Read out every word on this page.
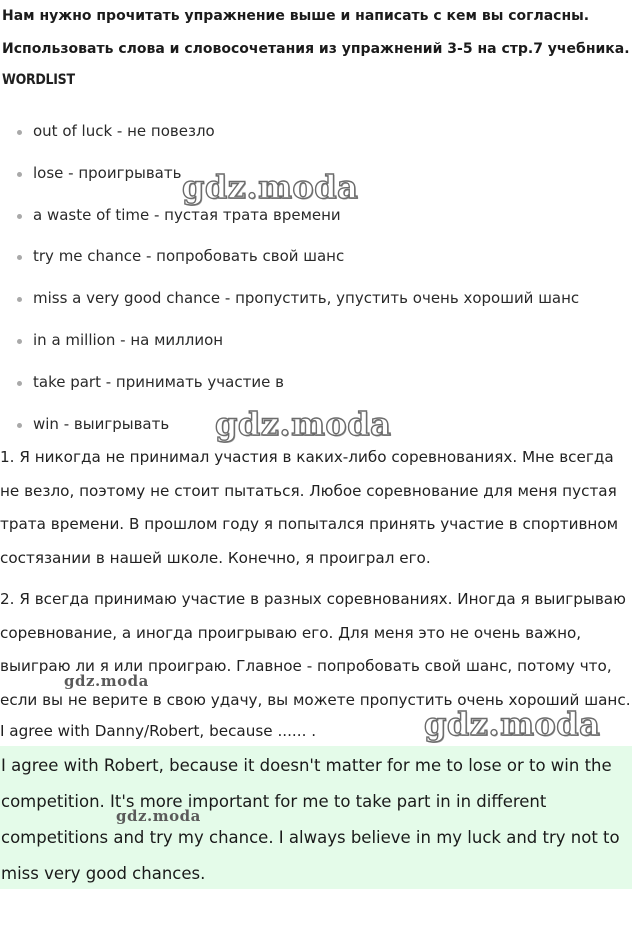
Нам нужно прочитать упражнение выше и написать с кем вы согласны.
Использовать слова и словосочетания из упражнений 3-5 на стр.7 учебника.
WORDLIST
out of luck - не повезло
lose - проигрывать
a waste of time - пустая трата времени
try me chance - попробовать свой шанс
miss a very good chance - пропустить, упустить очень хороший шанс
in a million - на миллион
take part - принимать участие в
win - выигрывать
1. Я никогда не принимал участия в каких-либо соревнованиях. Мне всегда не везло, поэтому не стоит пытаться. Любое соревнование для меня пустая трата времени. В прошлом году я попытался принять участие в спортивном состязании в нашей школе. Конечно, я проиграл его.
2. Я всегда принимаю участие в разных соревнованиях. Иногда я выигрываю соревнование, а иногда проигрываю его. Для меня это не очень важно, выиграю ли я или проиграю. Главное - попробовать свой шанс, потому что, если вы не верите в свою удачу, вы можете пропустить очень хороший шанс.
I agree with Danny/Robert, because ...... .
I agree with Robert, because it doesn't matter for me to lose or to win the competition. It's more important for me to take part in in different competitions and try my chance. I always believe in my luck and try not to miss very good chances.
gdz.moda
gdz.moda
gdz.moda
gdz.moda
gdz.moda
